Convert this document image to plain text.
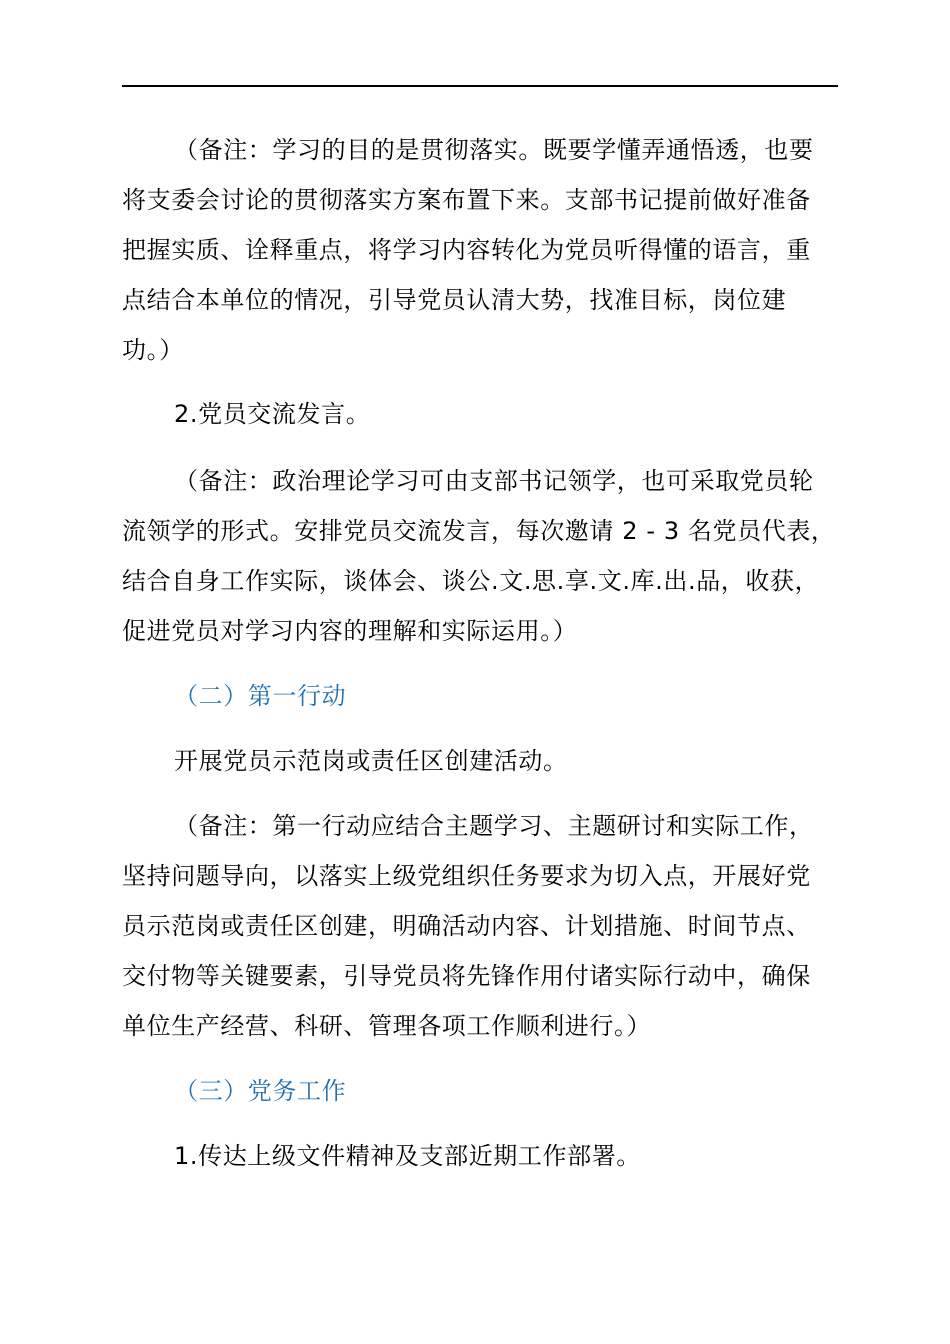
（备注：学习的目的是贯彻落实。既要学懂弄通悟透，也要
将支委会讨论的贯彻落实方案布置下来。支部书记提前做好准备
把握实质、诠释重点，将学习内容转化为党员听得懂的语言，重
点结合本单位的情况，引导党员认清大势，找准目标，岗位建
功。）
2.党员交流发言。
（备注：政治理论学习可由支部书记领学，也可采取党员轮
流领学的形式。安排党员交流发言，每次邀请 2 - 3 名党员代表，
结合自身工作实际，谈体会、谈公.文.思.享.文.库.出.品，收获，
促进党员对学习内容的理解和实际运用。）
（二）第一行动
开展党员示范岗或责任区创建活动。
（备注：第一行动应结合主题学习、主题研讨和实际工作，
坚持问题导向，以落实上级党组织任务要求为切入点，开展好党
员示范岗或责任区创建，明确活动内容、计划措施、时间节点、
交付物等关键要素，引导党员将先锋作用付诸实际行动中，确保
单位生产经营、科研、管理各项工作顺利进行。）
（三）党务工作
1.传达上级文件精神及支部近期工作部署。
